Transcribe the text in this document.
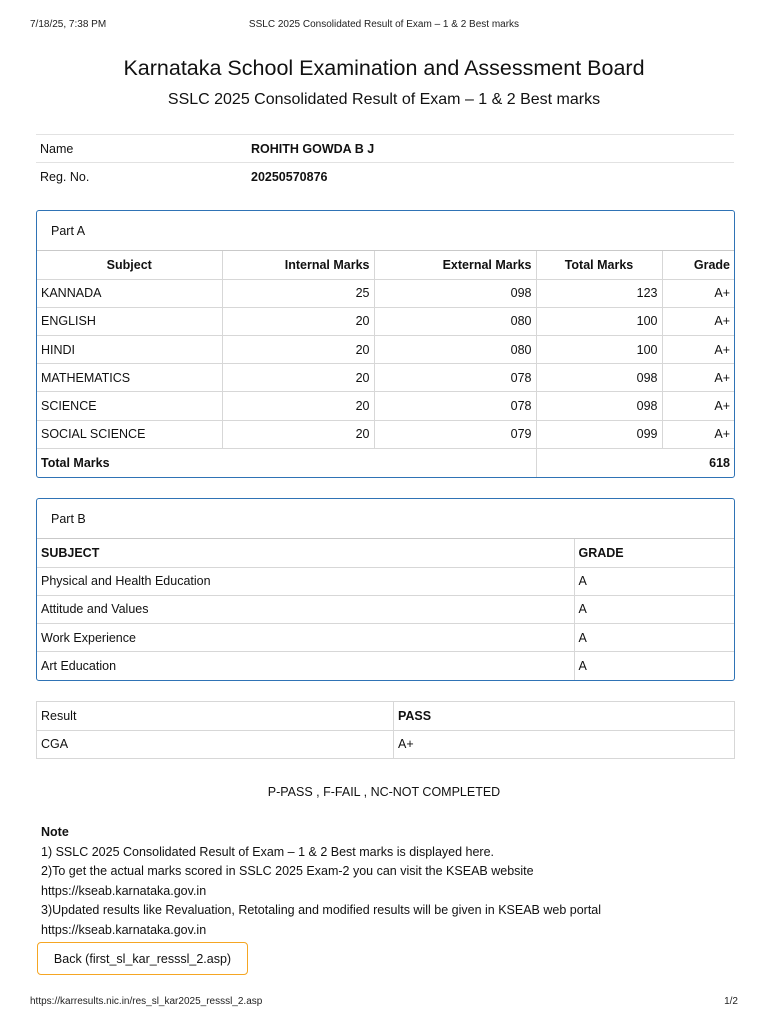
7/18/25, 7:38 PM	SSLC 2025 Consolidated Result of Exam – 1 & 2 Best marks
Karnataka School Examination and Assessment Board
SSLC 2025 Consolidated Result of Exam – 1 & 2 Best marks
Name	ROHITH GOWDA B J
Reg. No.	20250570876
Part A
Subject	Internal Marks	External Marks	Total Marks	Grade
KANNADA	25	098	123	A+
ENGLISH	20	080	100	A+
HINDI	20	080	100	A+
MATHEMATICS	20	078	098	A+
SCIENCE	20	078	098	A+
SOCIAL SCIENCE	20	079	099	A+
Total Marks			618	
Part B
SUBJECT	GRADE
Physical and Health Education	A
Attitude and Values	A
Work Experience	A
Art Education	A
Result	PASS
CGA	A+
P-PASS , F-FAIL , NC-NOT COMPLETED
Note
1) SSLC 2025 Consolidated Result of Exam – 1 & 2 Best marks is displayed here.
2)To get the actual marks scored in SSLC 2025 Exam-2 you can visit the KSEAB website
https://kseab.karnataka.gov.in
3)Updated results like Revaluation, Retotaling and modified results will be given in KSEAB web portal
https://kseab.karnataka.gov.in
Back (first_sl_kar_resssl_2.asp)
https://karresults.nic.in/res_sl_kar2025_resssl_2.asp	1/2
